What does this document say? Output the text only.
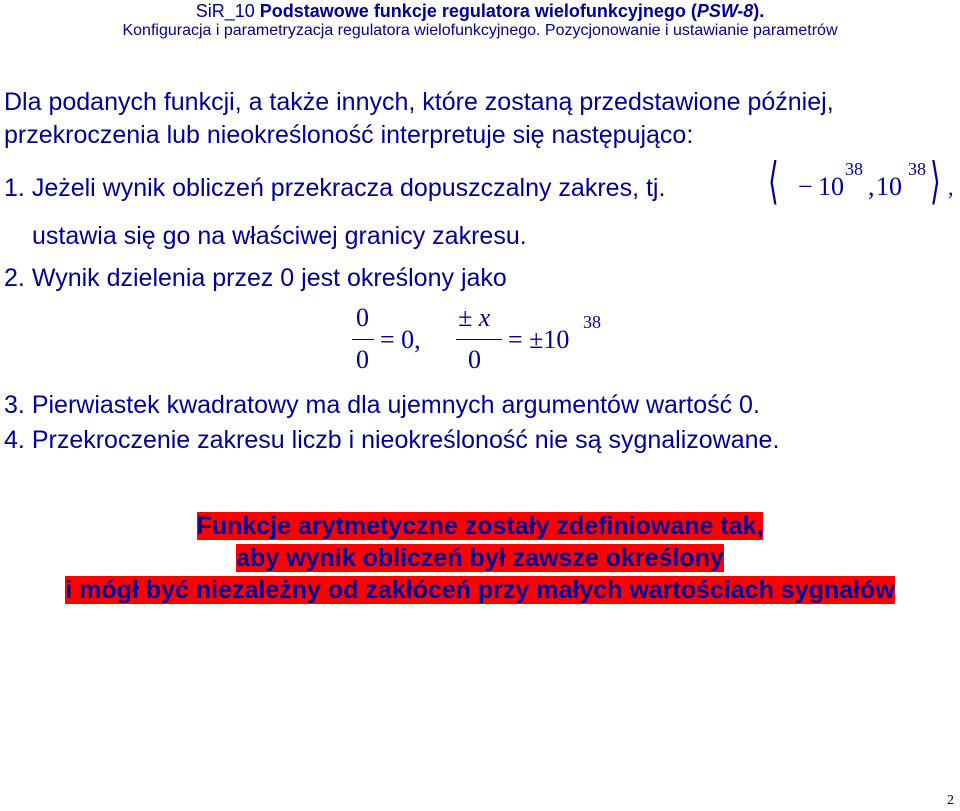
SiR_10 Podstawowe funkcje regulatora wielofunkcyjnego (PSW-8).
Konfiguracja i parametryzacja regulatora wielofunkcyjnego. Pozycjonowanie i ustawianie parametrów
Dla podanych funkcji, a także innych, które zostaną przedstawione później,
przekroczenia lub nieokreśloność interpretuje się następująco:
1. Jeżeli wynik obliczeń przekracza dopuszczalny zakres, tj.
ustawia się go na właściwej granicy zakresu.
⟨ − 10
38
, 10
38 ⟩ ,
2. Wynik dzielenia przez 0 jest określony jako
0
0
= 0,
± x
0
= ±10
38
3. Pierwiastek kwadratowy ma dla ujemnych argumentów wartość 0.
4. Przekroczenie zakresu liczb i nieokreśloność nie są sygnalizowane.
Funkcje arytmetyczne zostały zdefiniowane tak,
aby wynik obliczeń był zawsze określony
i mógł być niezależny od zakłóceń przy małych wartościach sygnałów
2
